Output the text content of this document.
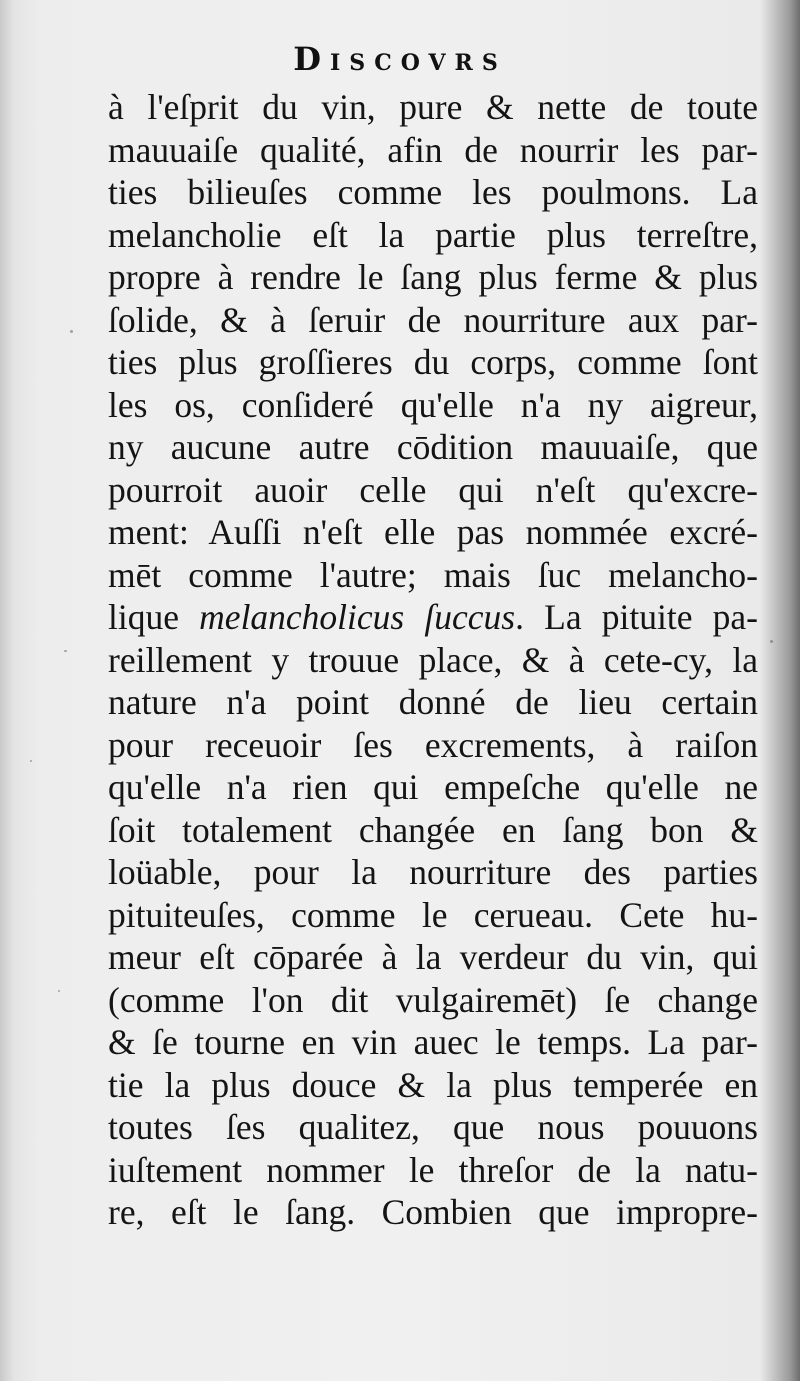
Discovrs
à l'eſprit du vin, pure & nette de toute
mauuaiſe qualité, afin de nourrir les par-
ties bilieuſes comme les poulmons. La
melancholie eſt la partie plus terreſtre,
propre à rendre le ſang plus ferme & plus
ſolide, & à ſeruir de nourriture aux par-
ties plus groſſieres du corps, comme ſont
les os, conſideré qu'elle n'a ny aigreur,
ny aucune autre cōdition mauuaiſe, que
pourroit auoir celle qui n'eſt qu'excre-
ment: Auſſi n'eſt elle pas nommée excré-
mēt comme l'autre; mais ſuc melancho-
lique melancholicus ſuccus. La pituite pa-
reillement y trouue place, & à cete-cy, la
nature n'a point donné de lieu certain
pour receuoir ſes excrements, à raiſon
qu'elle n'a rien qui empeſche qu'elle ne
ſoit totalement changée en ſang bon &
loüable, pour la nourriture des parties
pituiteuſes, comme le cerueau. Cete hu-
meur eſt cōparée à la verdeur du vin, qui
(comme l'on dit vulgairemēt) ſe change
& ſe tourne en vin auec le temps. La par-
tie la plus douce & la plus temperée en
toutes ſes qualitez, que nous pouuons
iuſtement nommer le threſor de la natu-
re, eſt le ſang. Combien que impropre-
